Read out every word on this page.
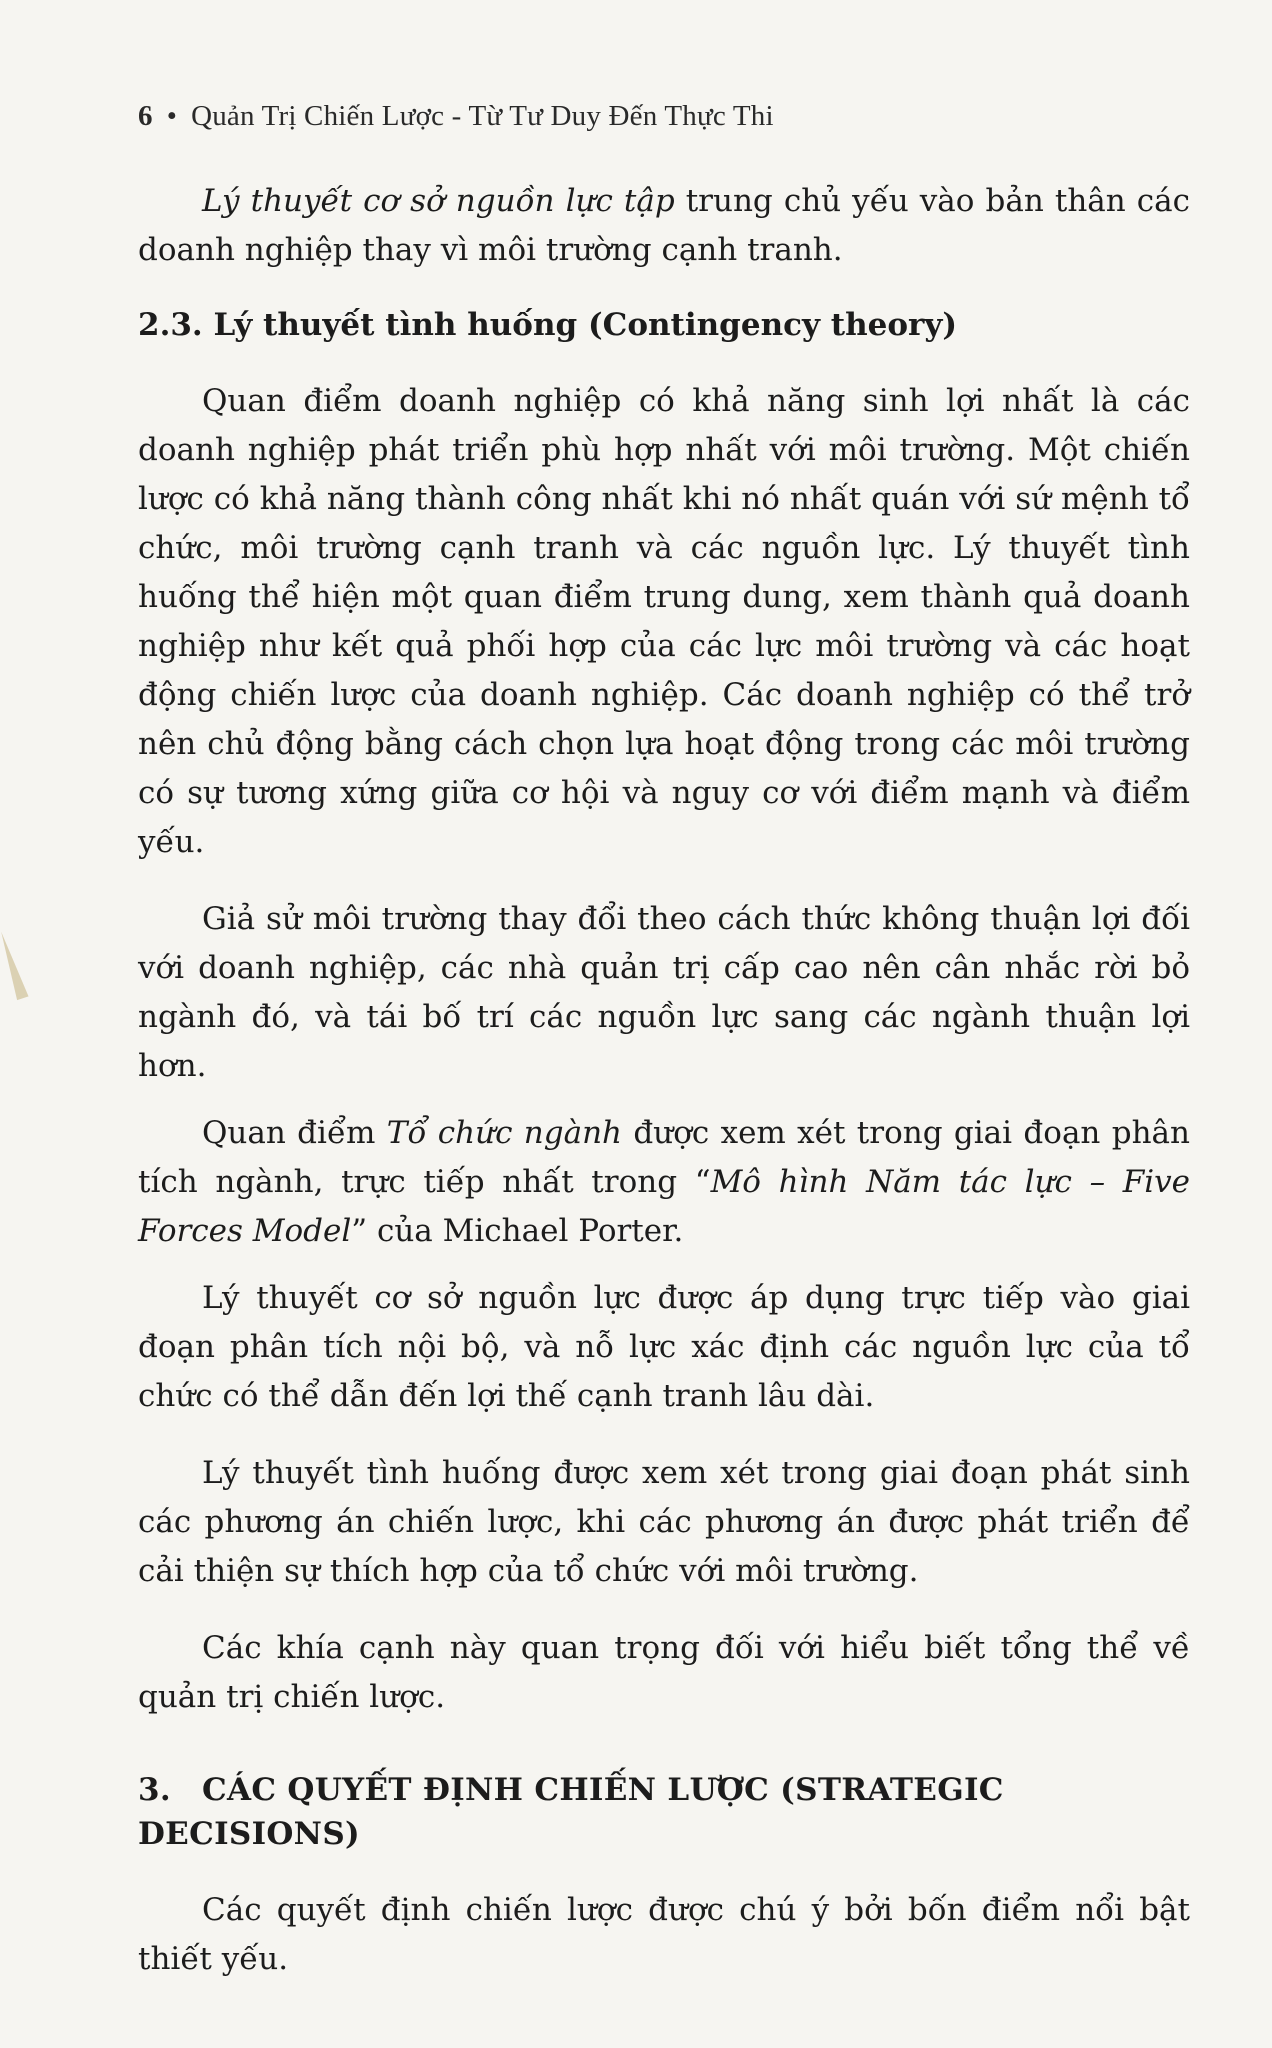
6 • Quản Trị Chiến Lược - Từ Tư Duy Đến Thực Thi

Lý thuyết cơ sở nguồn lực tập trung chủ yếu vào bản thân các doanh nghiệp thay vì môi trường cạnh tranh.

2.3. Lý thuyết tình huống (Contingency theory)

Quan điểm doanh nghiệp có khả năng sinh lợi nhất là các doanh nghiệp phát triển phù hợp nhất với môi trường. Một chiến lược có khả năng thành công nhất khi nó nhất quán với sứ mệnh tổ chức, môi trường cạnh tranh và các nguồn lực. Lý thuyết tình huống thể hiện một quan điểm trung dung, xem thành quả doanh nghiệp như kết quả phối hợp của các lực môi trường và các hoạt động chiến lược của doanh nghiệp. Các doanh nghiệp có thể trở nên chủ động bằng cách chọn lựa hoạt động trong các môi trường có sự tương xứng giữa cơ hội và nguy cơ với điểm mạnh và điểm yếu.

Giả sử môi trường thay đổi theo cách thức không thuận lợi đối với doanh nghiệp, các nhà quản trị cấp cao nên cân nhắc rời bỏ ngành đó, và tái bố trí các nguồn lực sang các ngành thuận lợi hơn.

Quan điểm Tổ chức ngành được xem xét trong giai đoạn phân tích ngành, trực tiếp nhất trong “Mô hình Năm tác lực – Five Forces Model” của Michael Porter.

Lý thuyết cơ sở nguồn lực được áp dụng trực tiếp vào giai đoạn phân tích nội bộ, và nỗ lực xác định các nguồn lực của tổ chức có thể dẫn đến lợi thế cạnh tranh lâu dài.

Lý thuyết tình huống được xem xét trong giai đoạn phát sinh các phương án chiến lược, khi các phương án được phát triển để cải thiện sự thích hợp của tổ chức với môi trường.

Các khía cạnh này quan trọng đối với hiểu biết tổng thể về quản trị chiến lược.

3. CÁC QUYẾT ĐỊNH CHIẾN LƯỢC (STRATEGIC DECISIONS)

Các quyết định chiến lược được chú ý bởi bốn điểm nổi bật thiết yếu.
